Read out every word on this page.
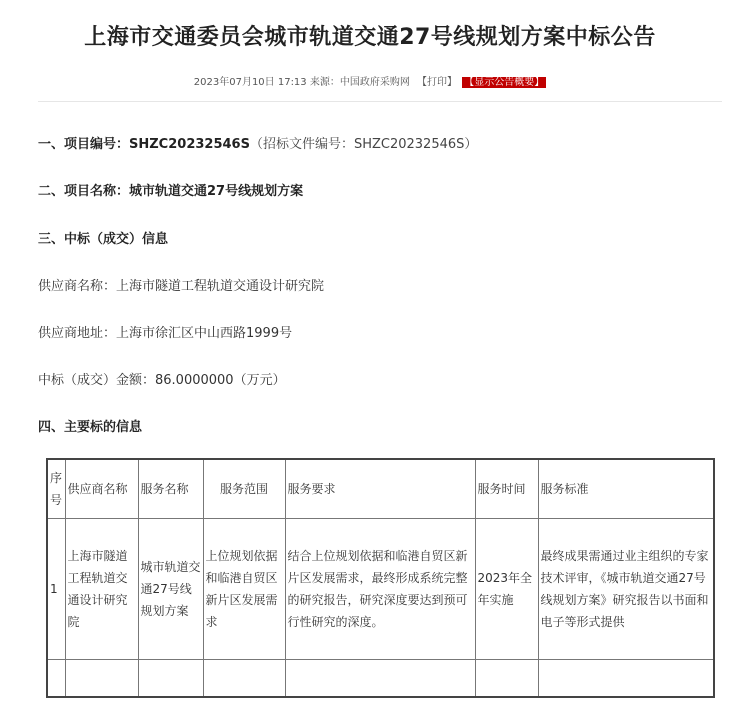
上海市交通委员会城市轨道交通27号线规划方案中标公告
2023年07月10日 17:13 来源：中国政府采购网 【打印】 【显示公告概要】
一、项目编号：SHZC20232546S（招标文件编号：SHZC20232546S）
二、项目名称：城市轨道交通27号线规划方案
三、中标（成交）信息
供应商名称：上海市隧道工程轨道交通设计研究院
供应商地址：上海市徐汇区中山西路1999号
中标（成交）金额：86.0000000（万元）
四、主要标的信息
序号	供应商名称	服务名称	服务范围	服务要求	服务时间	服务标准
1	上海市隧道工程轨道交通设计研究院	城市轨道交通27号线规划方案	上位规划依据和临港自贸区新片区发展需求	结合上位规划依据和临港自贸区新片区发展需求，最终形成系统完整的研究报告，研究深度要达到预可行性研究的深度。	2023年全年实施	最终成果需通过业主组织的专家技术评审，《城市轨道交通27号线规划方案》研究报告以书面和电子等形式提供
